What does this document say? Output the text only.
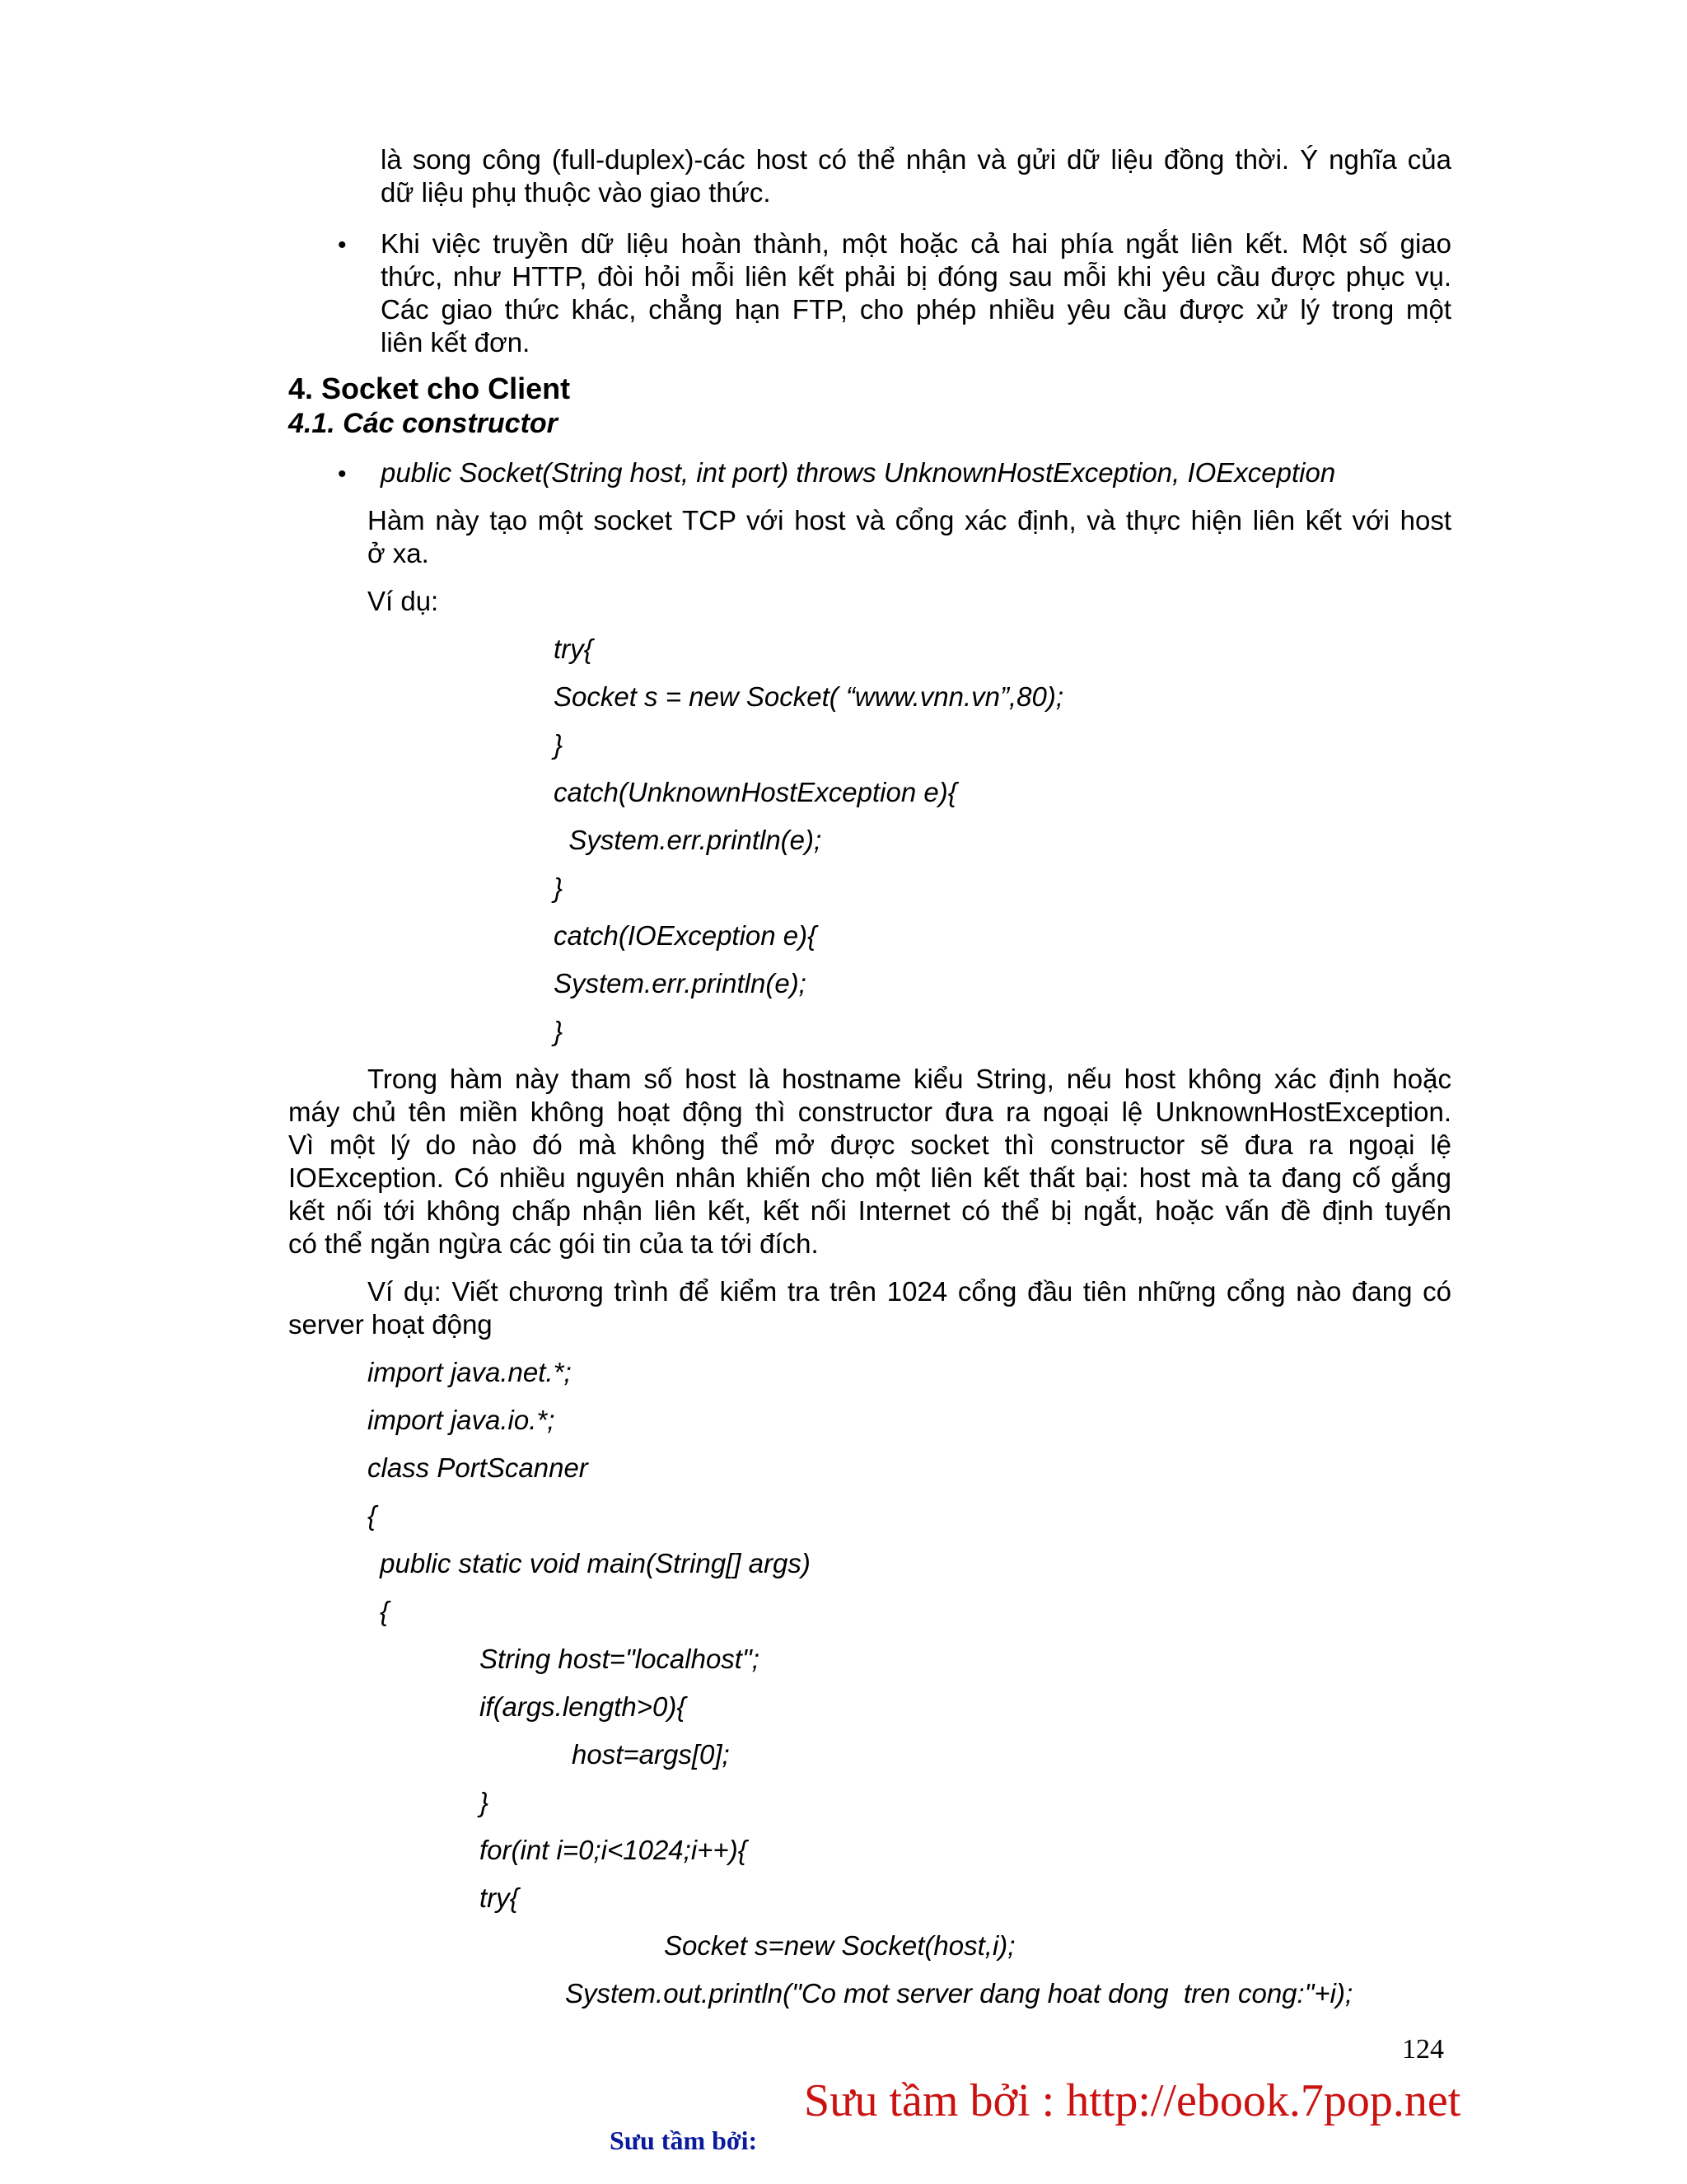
là song công (full-duplex)-các host có thể nhận và gửi dữ liệu đồng thời. Ý nghĩa của
dữ liệu phụ thuộc vào giao thức.
• Khi việc truyền dữ liệu hoàn thành, một hoặc cả hai phía ngắt liên kết. Một số giao
thức, như HTTP, đòi hỏi mỗi liên kết phải bị đóng sau mỗi khi yêu cầu được phục vụ.
Các giao thức khác, chẳng hạn FTP, cho phép nhiều yêu cầu được xử lý trong một
liên kết đơn.
4. Socket cho Client
4.1. Các constructor
• public Socket(String host, int port) throws UnknownHostException, IOException
Hàm này tạo một socket TCP với host và cổng xác định, và thực hiện liên kết với host
ở xa.
Ví dụ:
try{
Socket s = new Socket( “www.vnn.vn”,80);
}
catch(UnknownHostException e){
System.err.println(e);
}
catch(IOException e){
System.err.println(e);
}
Trong hàm này tham số host là hostname kiểu String, nếu host không xác định hoặc
máy chủ tên miền không hoạt động thì constructor đưa ra ngoại lệ UnknownHostException.
Vì một lý do nào đó mà không thể mở được socket thì constructor sẽ đưa ra ngoại lệ
IOException. Có nhiều nguyên nhân khiến cho một liên kết thất bại: host mà ta đang cố gắng
kết nối tới không chấp nhận liên kết, kết nối Internet có thể bị ngắt, hoặc vấn đề định tuyến
có thể ngăn ngừa các gói tin của ta tới đích.
Ví dụ: Viết chương trình để kiểm tra trên 1024 cổng đầu tiên những cổng nào đang có
server hoạt động
import java.net.*;
import java.io.*;
class PortScanner
{
public static void main(String[] args)
{
String host="localhost";
if(args.length>0){
host=args[0];
}
for(int i=0;i<1024;i++){
try{
Socket s=new Socket(host,i);
System.out.println("Co mot server dang hoat dong  tren cong:"+i);
124
Sưu tầm bởi : http://ebook.7pop.net
Sưu tầm bởi:
